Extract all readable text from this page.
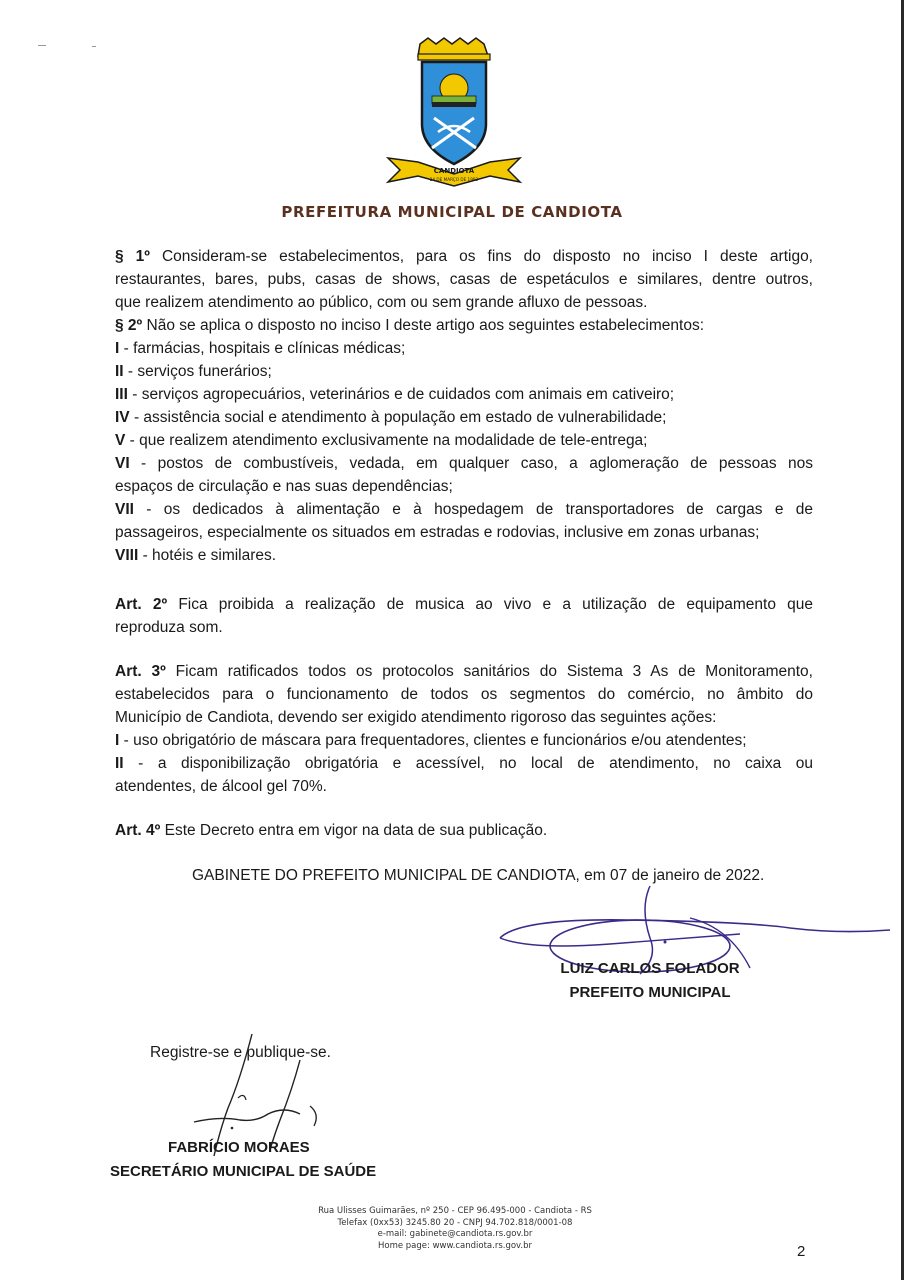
CANDIOTA
24 DE MARÇO DE 1992
PREFEITURA MUNICIPAL DE CANDIOTA

§ 1º Consideram-se estabelecimentos, para os fins do disposto no inciso I deste artigo,

restaurantes, bares, pubs, casas de shows, casas de espetáculos e similares, dentre outros,

que realizem atendimento ao público, com ou sem grande afluxo de pessoas.

§ 2º Não se aplica o disposto no inciso I deste artigo aos seguintes estabelecimentos:

I - farmácias, hospitais e clínicas médicas;

II - serviços funerários;

III - serviços agropecuários, veterinários e de cuidados com animais em cativeiro;

IV - assistência social e atendimento à população em estado de vulnerabilidade;

V - que realizem atendimento exclusivamente na modalidade de tele-entrega;

VI - postos de combustíveis, vedada, em qualquer caso, a aglomeração de pessoas nos

espaços de circulação e nas suas dependências;

VII - os dedicados à alimentação e à hospedagem de transportadores de cargas e de

passageiros, especialmente os situados em estradas e rodovias, inclusive em zonas urbanas;

VIII - hotéis e similares.

Art. 2º Fica proibida a realização de musica ao vivo e a utilização de equipamento que

reproduza som.

Art. 3º Ficam ratificados todos os protocolos sanitários do Sistema 3 As de Monitoramento,

estabelecidos para o funcionamento de todos os segmentos do comércio, no âmbito do

Município de Candiota, devendo ser exigido atendimento rigoroso das seguintes ações:

I - uso obrigatório de máscara para frequentadores, clientes e funcionários e/ou atendentes;

II - a disponibilização obrigatória e acessível, no local de atendimento, no caixa ou

atendentes, de álcool gel 70%.

Art. 4º Este Decreto entra em vigor na data de sua publicação.

GABINETE DO PREFEITO MUNICIPAL DE CANDIOTA, em 07 de janeiro de 2022.
LUIZ CARLOS FOLADOR
PREFEITO MUNICIPAL
Registre-se e publique-se.
FABRÍCIO MORAES
SECRETÁRIO MUNICIPAL DE SAÚDE
Rua Ulisses Guimarães, nº 250 - CEP 96.495-000 - Candiota - RS
Telefax (0xx53) 3245.80 20 - CNPJ 94.702.818/0001-08
e-mail: gabinete@candiota.rs.gov.br
Home page: www.candiota.rs.gov.br	2
